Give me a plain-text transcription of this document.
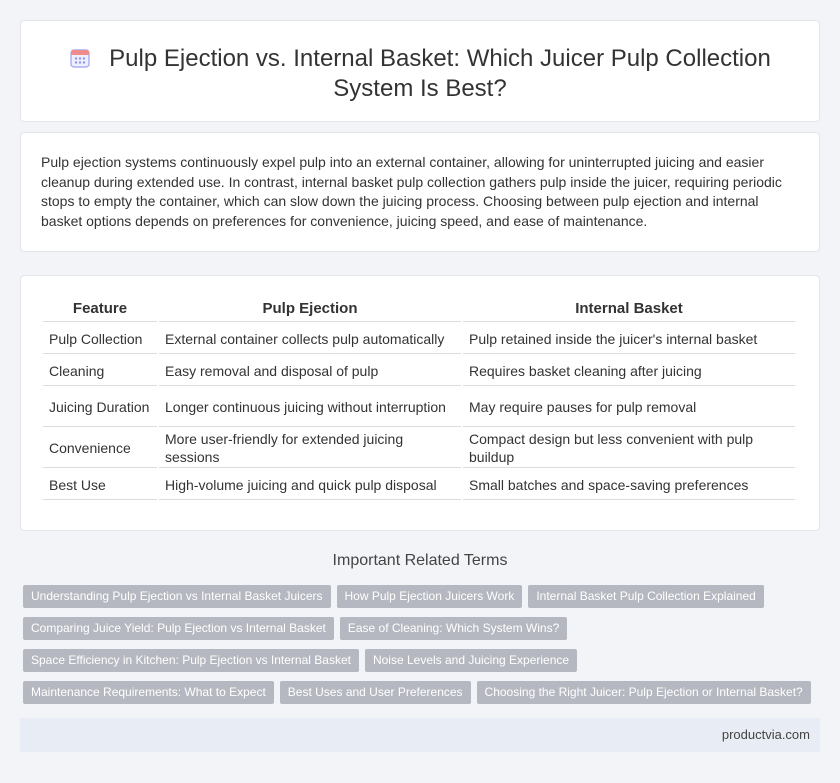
Pulp Ejection vs. Internal Basket: Which Juicer Pulp Collection
System Is Best?

Pulp ejection systems continuously expel pulp into an external container, allowing for uninterrupted juicing and easier cleanup during extended use. In contrast, internal basket pulp collection gathers pulp inside the juicer, requiring periodic stops to empty the container, which can slow down the juicing process. Choosing between pulp ejection and internal basket options depends on preferences for convenience, juicing speed, and ease of maintenance.

Feature	Pulp Ejection	Internal Basket
Pulp Collection	External container collects pulp automatically	Pulp retained inside the juicer's internal basket
Cleaning	Easy removal and disposal of pulp	Requires basket cleaning after juicing
Juicing Duration	Longer continuous juicing without interruption	May require pauses for pulp removal
Convenience	More user-friendly for extended juicing sessions	Compact design but less convenient with pulp buildup
Best Use	High-volume juicing and quick pulp disposal	Small batches and space-saving preferences
Important Related Terms
Understanding Pulp Ejection vs Internal Basket Juicers How Pulp Ejection Juicers Work Internal Basket Pulp Collection Explained
Comparing Juice Yield: Pulp Ejection vs Internal Basket Ease of Cleaning: Which System Wins?
Space Efficiency in Kitchen: Pulp Ejection vs Internal Basket Noise Levels and Juicing Experience
Maintenance Requirements: What to Expect Best Uses and User Preferences Choosing the Right Juicer: Pulp Ejection or Internal Basket?
productvia.com
